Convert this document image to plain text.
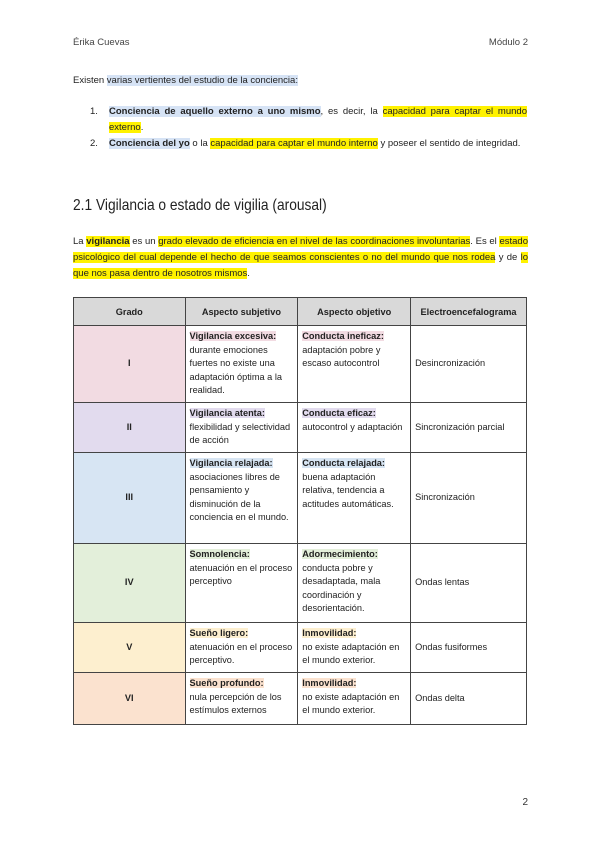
Érika Cuevas	Módulo 2
Existen varias vertientes del estudio de la conciencia:
1. Conciencia de aquello externo a uno mismo, es decir, la capacidad para captar el mundo externo.
2. Conciencia del yo o la capacidad para captar el mundo interno y poseer el sentido de integridad.
2.1 Vigilancia o estado de vigilia (arousal)
La vigilancia es un grado elevado de eficiencia en el nivel de las coordinaciones involuntarias. Es el estado psicológico del cual depende el hecho de que seamos conscientes o no del mundo que nos rodea y de lo que nos pasa dentro de nosotros mismos.
Grado	Aspecto subjetivo	Aspecto objetivo	Electroencefalograma
I	Vigilancia excesiva:
durante emociones fuertes no existe una adaptación óptima a la realidad.	Conducta ineficaz:
adaptación pobre y escaso autocontrol	Desincronización
II	Vigilancia atenta:
flexibilidad y selectividad de acción	Conducta eficaz:
autocontrol y adaptación	Sincronización parcial
III	Vigilancia relajada:
asociaciones libres de pensamiento y disminución de la conciencia en el mundo.	Conducta relajada:
buena adaptación relativa, tendencia a actitudes automáticas.	Sincronización
IV	Somnolencia:
atenuación en el proceso perceptivo	Adormecimiento:
conducta pobre y desadaptada, mala coordinación y desorientación.	Ondas lentas
V	Sueño ligero:
atenuación en el proceso perceptivo.	Inmovilidad:
no existe adaptación en el mundo exterior.	Ondas fusiformes
VI	Sueño profundo:
nula percepción de los estímulos externos	Inmovilidad:
no existe adaptación en el mundo exterior.	Ondas delta
2
